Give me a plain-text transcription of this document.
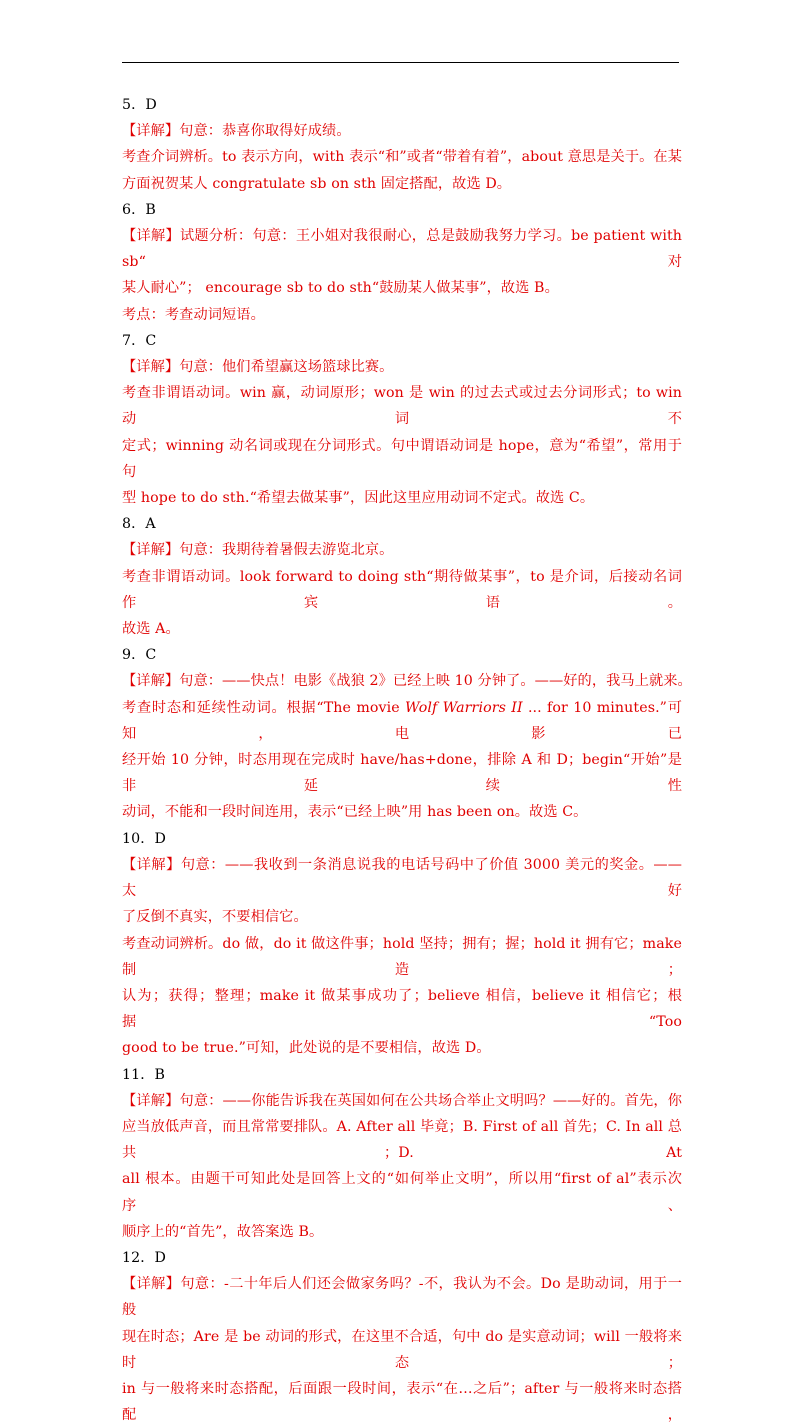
5．D
【详解】句意：恭喜你取得好成绩。
考查介词辨析。to 表示方向，with 表示“和”或者“带着有着”，about 意思是关于。在某
方面祝贺某人 congratulate sb on sth 固定搭配，故选 D。
6．B
【详解】试题分析：句意：王小姐对我很耐心，总是鼓励我努力学习。be patient with sb“对
某人耐心”； encourage sb to do sth“鼓励某人做某事”，故选 B。
考点：考查动词短语。
7．C
【详解】句意：他们希望赢这场篮球比赛。
考查非谓语动词。win 赢，动词原形；won 是 win 的过去式或过去分词形式；to win 动词不
定式；winning 动名词或现在分词形式。句中谓语动词是 hope，意为“希望”，常用于句
型 hope to do sth.“希望去做某事”，因此这里应用动词不定式。故选 C。
8．A
【详解】句意：我期待着暑假去游览北京。
考查非谓语动词。look forward to doing sth“期待做某事”，to 是介词，后接动名词作宾语。
故选 A。
9．C
【详解】句意：——快点！电影《战狼 2》已经上映 10 分钟了。——好的，我马上就来。
考查时态和延续性动词。根据“The movie Wolf Warriors II ... for 10 minutes.”可知，电影已
经开始 10 分钟，时态用现在完成时 have/has+done，排除 A 和 D；begin“开始”是非延续性
动词，不能和一段时间连用，表示“已经上映”用 has been on。故选 C。
10．D
【详解】句意：——我收到一条消息说我的电话号码中了价值 3000 美元的奖金。——太好
了反倒不真实，不要相信它。
考查动词辨析。do 做，do it 做这件事；hold 坚持；拥有；握；hold it 拥有它；make 制造；
认为；获得；整理；make it 做某事成功了；believe 相信，believe it 相信它；根据“Too
good to be true.”可知，此处说的是不要相信，故选 D。
11．B
【详解】句意：——你能告诉我在英国如何在公共场合举止文明吗？——好的。首先，你
应当放低声音，而且常常要排队。A. After all 毕竟；B. First of all 首先；C. In all 总共；D. At
all 根本。由题干可知此处是回答上文的“如何举止文明”，所以用“first of al”表示次序、
顺序上的“首先”，故答案选 B。
12．D
【详解】句意：-二十年后人们还会做家务吗？-不，我认为不会。Do 是助动词，用于一般
现在时态；Are 是 be 动词的形式，在这里不合适，句中 do 是实意动词；will 一般将来时态；
in 与一般将来时态搭配，后面跟一段时间，表示“在…之后”；after 与一般将来时态搭配，
